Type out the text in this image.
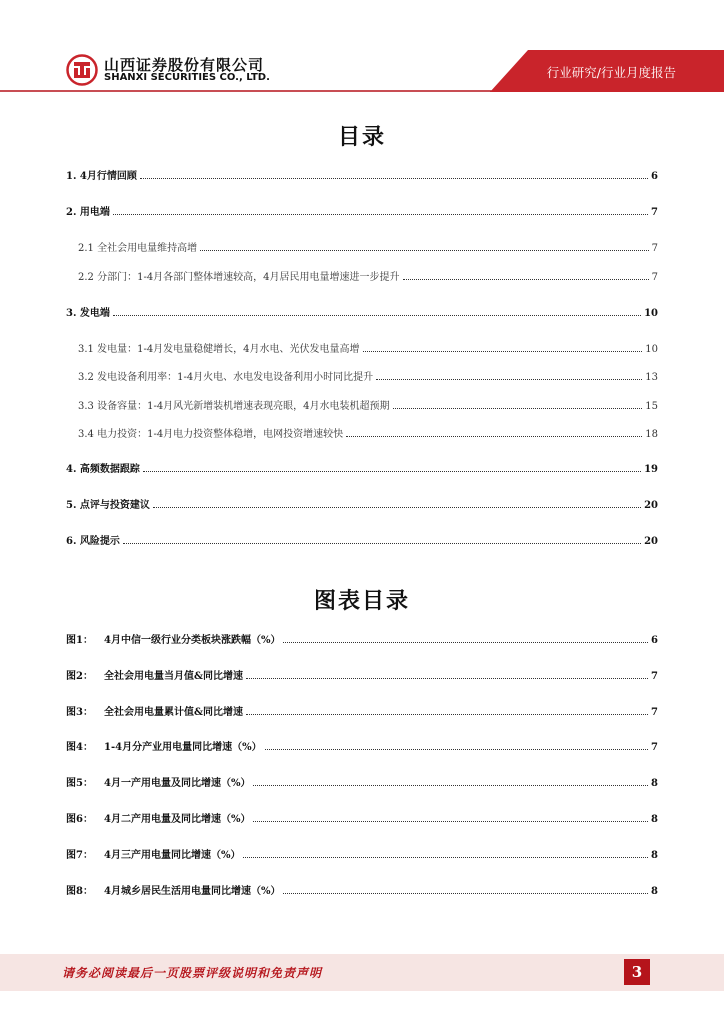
山西证券股份有限公司
SHANXI SECURITIES CO., LTD.	行业研究/行业月度报告
目录
1. 4月行情回顾	6
2. 用电端	7
2.1 全社会用电量维持高增	7
2.2 分部门：1-4月各部门整体增速较高，4月居民用电量增速进一步提升	7
3. 发电端	10
3.1 发电量：1-4月发电量稳健增长，4月水电、光伏发电量高增	10
3.2 发电设备利用率：1-4月火电、水电发电设备利用小时同比提升	13
3.3 设备容量：1-4月风光新增装机增速表现亮眼，4月水电装机超预期	15
3.4 电力投资：1-4月电力投资整体稳增，电网投资增速较快	18
4. 高频数据跟踪	19
5. 点评与投资建议	20
6. 风险提示	20
图表目录
图1： 4月中信一级行业分类板块涨跌幅（%）	6
图2： 全社会用电量当月值&同比增速	7
图3： 全社会用电量累计值&同比增速	7
图4： 1-4月分产业用电量同比增速（%）	7
图5： 4月一产用电量及同比增速（%）	8
图6： 4月二产用电量及同比增速（%）	8
图7： 4月三产用电量同比增速（%）	8
图8： 4月城乡居民生活用电量同比增速（%）	8
请务必阅读最后一页股票评级说明和免责声明	3
